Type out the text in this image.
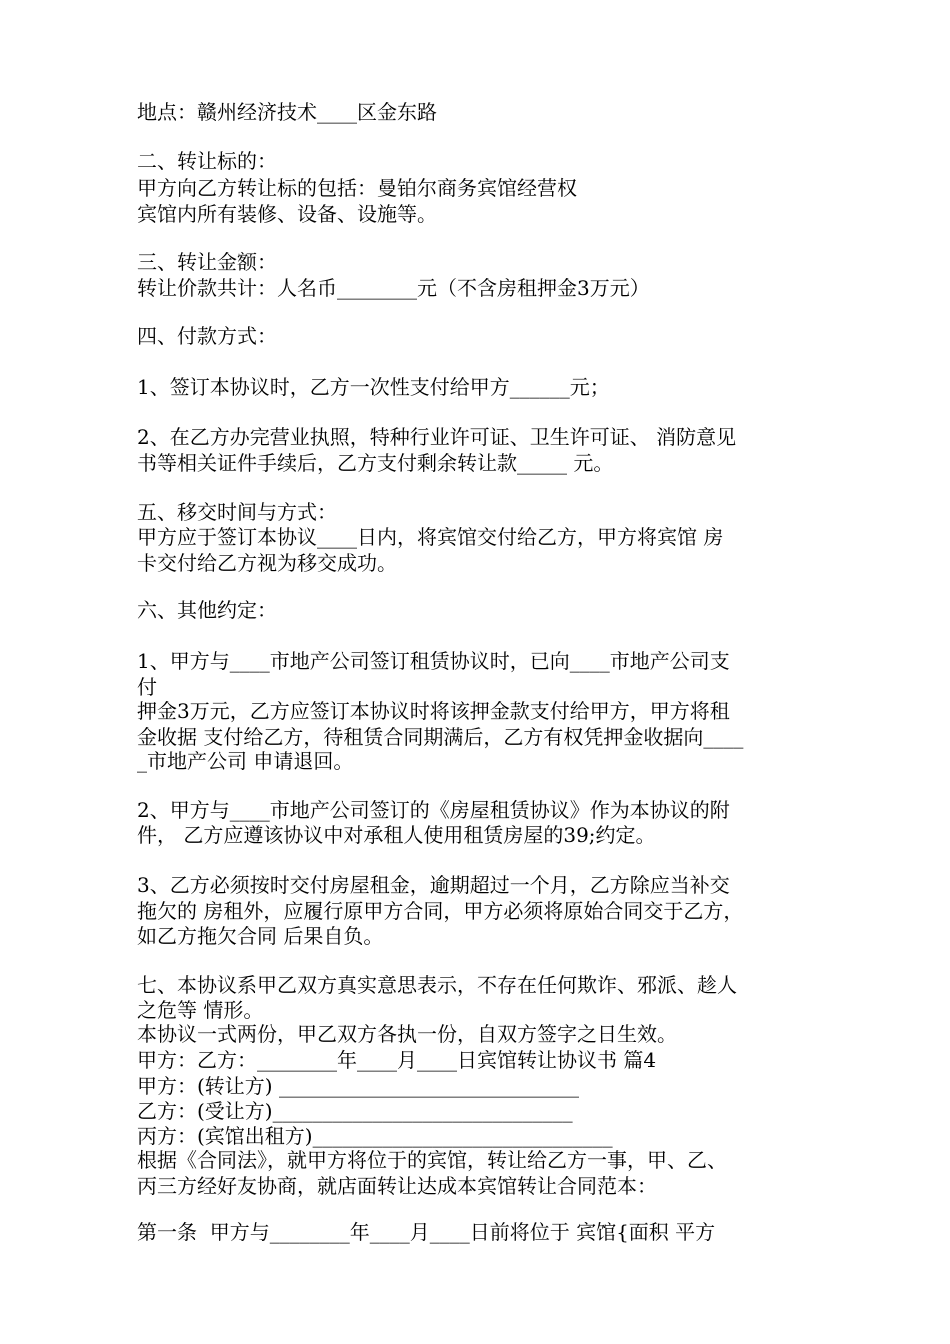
地点：赣州经济技术____区金东路
二、转让标的：
甲方向乙方转让标的包括：曼铂尔商务宾馆经营权
宾馆内所有装修、设备、设施等。
三、转让金额：
转让价款共计：人名币________元（不含房租押金3万元）
四、付款方式：
1、签订本协议时，乙方一次性支付给甲方______元；
2、在乙方办完营业执照，特种行业许可证、卫生许可证、 消防意见
书等相关证件手续后，乙方支付剩余转让款_____ 元。
五、移交时间与方式：
甲方应于签订本协议____日内，将宾馆交付给乙方，甲方将宾馆 房
卡交付给乙方视为移交成功。
六、其他约定：
1、甲方与____市地产公司签订租赁协议时，已向____市地产公司支
付
押金3万元，乙方应签订本协议时将该押金款支付给甲方，甲方将租
金收据 支付给乙方，待租赁合同期满后，乙方有权凭押金收据向____
_市地产公司 申请退回。
2、甲方与____市地产公司签订的《房屋租赁协议》作为本协议的附
件， 乙方应遵该协议中对承租人使用租赁房屋的39;约定。
3、乙方必须按时交付房屋租金，逾期超过一个月，乙方除应当补交
拖欠的 房租外，应履行原甲方合同，甲方必须将原始合同交于乙方，
如乙方拖欠合同 后果自负。
七、本协议系甲乙双方真实意思表示，不存在任何欺诈、邪派、趁人
之危等 情形。
本协议一式两份，甲乙双方各执一份，自双方签字之日生效。
甲方：乙方：________年____月____日宾馆转让协议书 篇4
甲方：(转让方) ______________________________
乙方：(受让方)______________________________
丙方：(宾馆出租方)______________________________
根据《合同法》，就甲方将位于的宾馆，转让给乙方一事，甲、乙、
丙三方经好友协商，就店面转让达成本宾馆转让合同范本：
第一条  甲方与________年____月____日前将位于 宾馆{面积 平方
